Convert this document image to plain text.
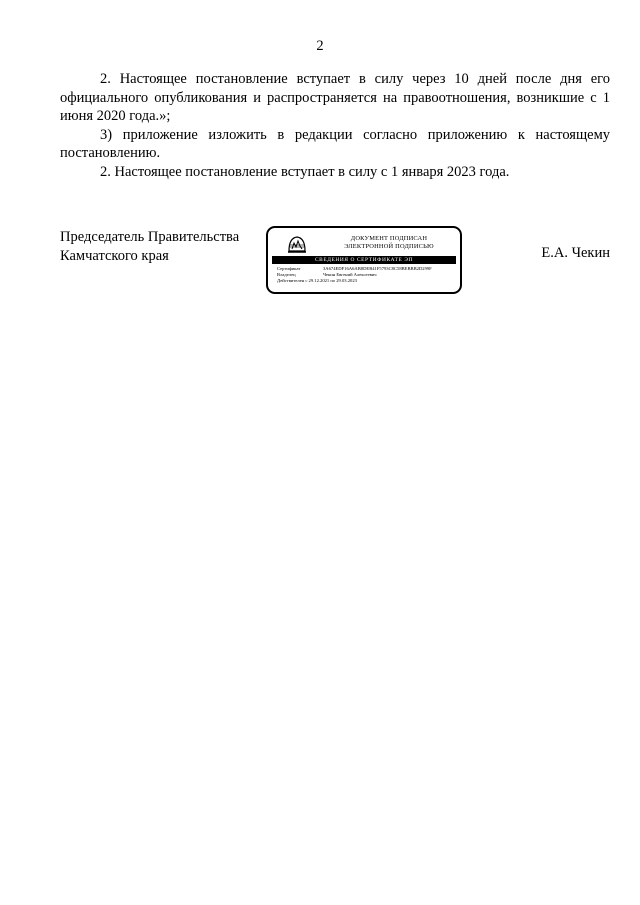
2

2. Настоящее постановление вступает в силу через 10 дней после дня его официального опубликования и распространяется на правоотношения, возникшие с 1 июня 2020 года.»;

3) приложение изложить в редакции согласно приложению к настоящему постановлению.

2. Настоящее постановление вступает в силу с 1 января 2023 года.

Председатель Правительства
Камчатского края
ДОКУМЕНТ ПОДПИСАН
ЭЛЕКТРОННОЙ ПОДПИСЬЮ
СВЕДЕНИЯ О СЕРТИФИКАТЕ ЭП
Сертификат	3A674EDF16A6AB8DEB41F5793C8C58BEBBB2D299F
Владелец	Чекин Евгений Алексеевич
Действителен с 29.12.2021 по 29.03.2023
Е.А. Чекин
